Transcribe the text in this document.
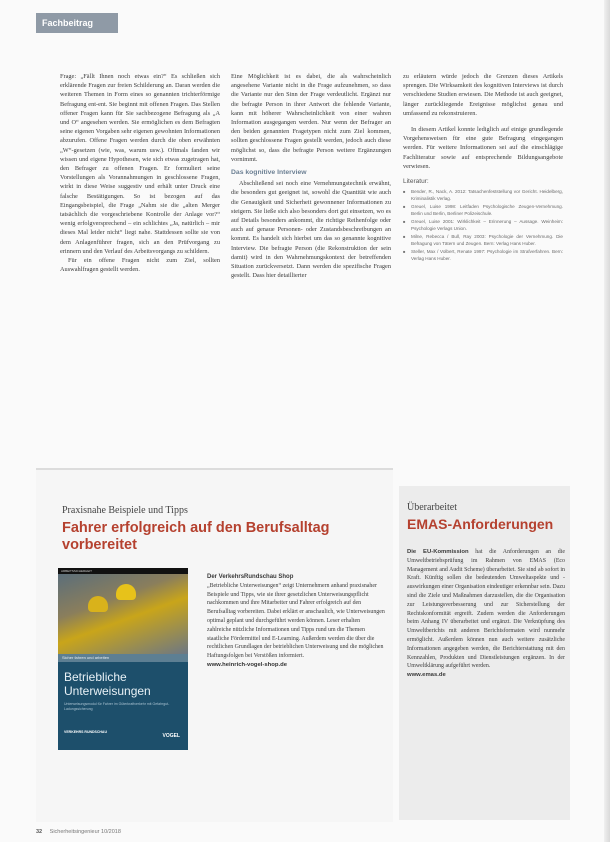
Fachbeitrag

Frage: „Fällt Ihnen noch etwas ein?“ Es schließen sich erklärende Fragen zur freien Schilderung an. Daran werden die weiteren Themen in Form eines so genannten trichterförmige Befragung ent-ent. Sie beginnt mit offenen Fragen. Das Stellen offener Fragen kann für Sie sachbezogene Befragung als „A und O“ angesehen werden. Sie ermöglichen es dem Befragten seine eigenen Vorgaben sehr eigenen gewohnten Informationen abzurufen. Offene Fragen werden durch die oben erwähnten „W“-gesetzen (wie, was, warum usw.). Oftmals fanden wir wissen und eigene Hypothesen, wie sich etwas zugetragen hat, den Befrager zu offenen Fragen. Er formuliert seine Vorstellungen als Vorannahmungen in geschlossene Fragen, wirkt in diese Weise suggestiv und erhält unter Druck eine falsche Bestätigungen. So ist bezogen auf das Eingangsbeispiel, die Frage „Nahm sie die „alten Merger tatsächlich die vorgeschriebene Kontrolle der Anlage vor?“ wenig erfolgversprechend – ein schlichtes „Ja, natürlich – mir dieses Mal leider nicht“ liegt nahe. Stattdessen sollte sie von dem Anlagenführer fragen, sich an den Prüfvorgang zu erinnern und den Verlauf des Arbeitsvorgangs zu schildern.

Für ein offene Fragen nicht zum Ziel, sollten Auswahlfragen gestellt werden.

Eine Möglichkeit ist es dabei, die als wahrscheinlich angesehene Variante nicht in die Frage aufzunehmen, so dass die Variante nur den Sinn der Frage verdeutlicht. Ergänzt nur die befragte Person in ihrer Antwort die fehlende Variante, kann mit höherer Wahrscheinlichkeit von einer wahren Information ausgegangen werden. Nur wenn der Befrager an den beiden genannten Fragetypen nicht zum Ziel kommen, sollten geschlossene Fragen gestellt werden, jedoch auch diese möglichst so, dass die befragte Person weitere Ergänzungen vornimmt.

Das kognitive Interview

Abschließend sei noch eine Vernehmungstechnik erwähnt, die besonders gut geeignet ist, sowohl die Quantität wie auch die Genauigkeit und Sicherheit gewonnener Informationen zu steigern. Sie ließe sich also besonders dort gut einsetzen, wo es auf Details besonders ankommt, die richtige Reihenfolge oder auch auf genaue Personen- oder Zustandsbeschreibungen an kommt. Es handelt sich hierbei um das so genannte kognitive Interview. Die befragte Person (die Rekonstruktion der sein damit) wird in den Wahrnehmungskontext der betreffenden Situation zurückversetzt. Dann werden die spezifische Fragen gestellt. Dass hier detaillierter

zu erläutern würde jedoch die Grenzen dieses Artikels sprengen. Die Wirksamkeit des kognitiven Interviews ist durch verschiedene Studien erwiesen. Die Methode ist auch geeignet, länger zurückliegende Ereignisse möglichst genau und umfassend zu rekonstruieren.

In diesem Artikel konnte lediglich auf einige grundlegende Vorgehensweisen für eine gute Befragung eingegangen werden. Für weitere Informationen sei auf die einschlägige Fachliteratur sowie auf entsprechende Bildungsangebote verwiesen.

Literatur:
■ Bender, R., Nack, A. 2012: Tatsachenfeststellung vor Gericht. Heidelberg, Kriminalistik Verlag.
■ Greuel, Luise 1998: Leitfaden Psychologische Zeugen-Vernehmung. Berlin und Berlin, Berliner Polizeischule.
■ Greuel, Luise 2001: Wirklichkeit – Erinnerung – Aussage. Weinheim: Psychologie Verlags Union.
■ Milne, Rebecca / Bull, Ray 2003: Psychologie der Vernehmung. Die Befragung von Tätern und Zeugen. Bern: Verlag Hans Huber.
■ Steller, Max / Volbert, Renate 1997: Psychologie im Strafverfahren. Bern: Verlag Hans Huber.
Praxisnahe Beispiele und Tipps
Fahrer erfolgreich auf den Berufsalltag vorbereitet
ARBEITSSICHERHEIT
Sicher fahren und arbeiten
Betriebliche
Unterweisungen
Unterweisungsmodul für Fahrer im Güterkraftverkehr mit Gefahrgut-Ladungssicherung
VERKEHRS RUNDSCHAU
VOGEL
Der VerkehrsRundschau Shop
„Betriebliche Unterweisungen“ zeigt Unternehmern anhand praxisnaher Beispiele und Tipps, wie sie ihrer gesetzlichen Unterweisungspflicht nachkommen und ihre Mitarbeiter und Fahrer erfolgreich auf den Berufsalltag vorbereiten. Dabei erklärt er anschaulich, wie Unterweisungen optimal geplant und durchgeführt werden können. Leser erhalten zahlreiche nützliche Informationen und Tipps rund um die Themen staatliche Fördermittel und E-Learning. Außerdem werden die über die rechtlichen Grundlagen der betrieblichen Unterweisung und die möglichen Haftungsfolgen bei Verstößen informiert.
www.heinrich-vogel-shop.de
Überarbeitet
EMAS-Anforderungen
Die EU-Kommission hat die Anforderungen an die Umweltbetriebsprüfung im Rahmen von EMAS (Eco Management and Audit Scheme) überarbeitet. Sie sind ab sofort in Kraft. Künftig sollen die bedeutenden Umweltaspekte und -auswirkungen einer Organisation eindeutiger erkennbar sein. Dazu sind die Ziele und Maßnahmen darzustellen, die die Organisation zur Leistungsverbesserung und zur Sicherstellung der Rechtskonformität ergreift. Zudem werden die Anforderungen beim Anhang IV überarbeitet und ergänzt. Die Verknüpfung des Umweltberichts mit anderen Berichtsformaten wird nunmehr ermöglicht. Außerdem können nun auch weitere zusätzliche Informationen angegeben werden, die Berichterstattung mit den Kennzahlen, Produkten und Dienstleistungen ergänzen. In der Umweltklärung aufgeführt werden.
www.emas.de
32 Sicherheitsingenieur 10/2018
